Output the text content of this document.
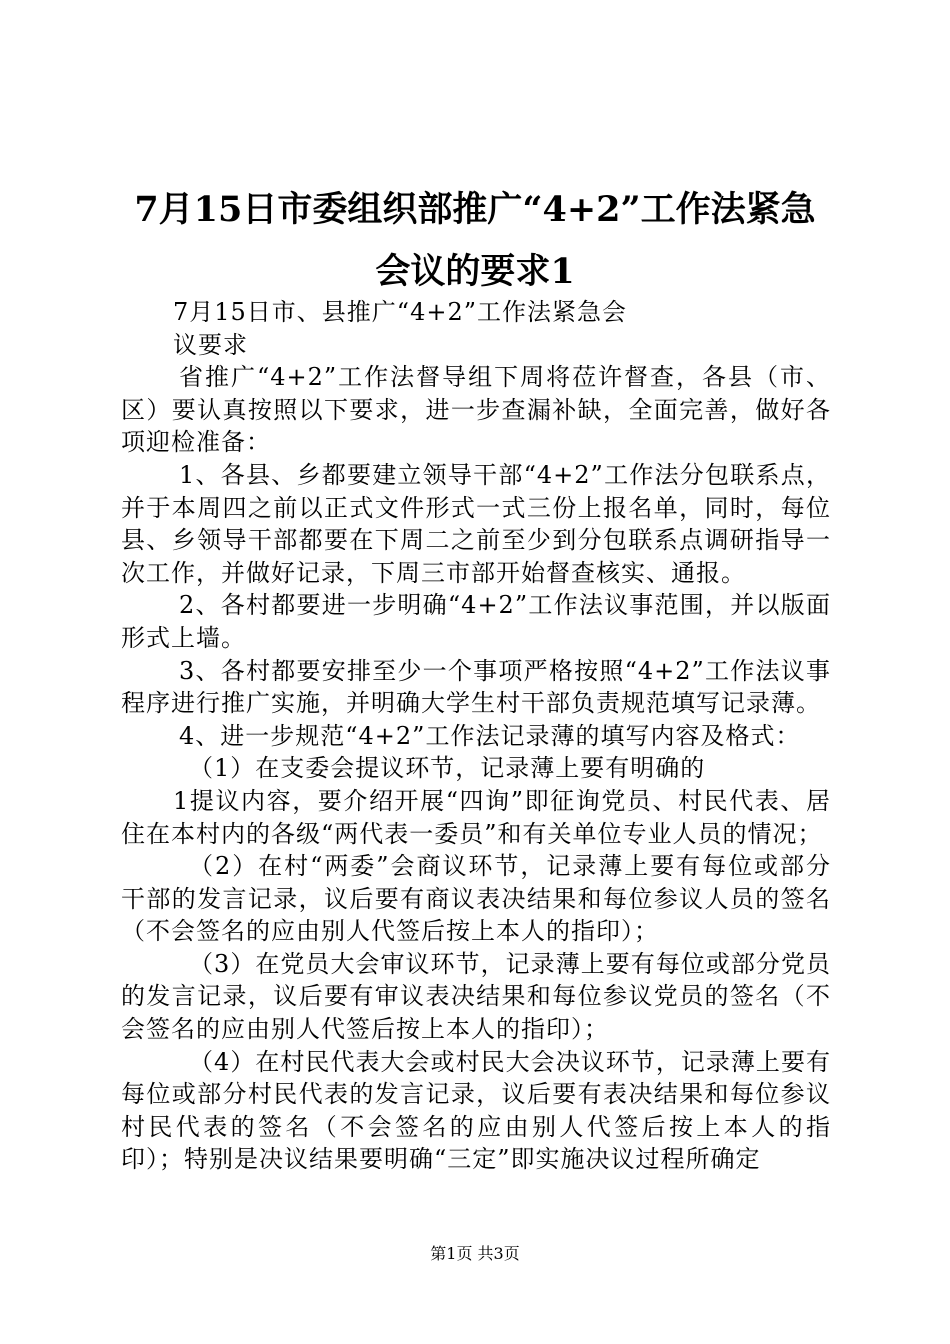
7月15日市委组织部推广“4+2”工作法紧急
会议的要求1

7月15日市、县推广“4+2”工作法紧急会

议要求

省推广“4+2”工作法督导组下周将莅许督查，各县（市、区）要认真按照以下要求，进一步查漏补缺，全面完善，做好各项迎检准备：

1、各县、乡都要建立领导干部“4+2”工作法分包联系点，并于本周四之前以正式文件形式一式三份上报名单，同时，每位县、乡领导干部都要在下周二之前至少到分包联系点调研指导一次工作，并做好记录，下周三市部开始督查核实、通报。

2、各村都要进一步明确“4+2”工作法议事范围，并以版面形式上墙。

3、各村都要安排至少一个事项严格按照“4+2”工作法议事程序进行推广实施，并明确大学生村干部负责规范填写记录薄。

4、进一步规范“4+2”工作法记录薄的填写内容及格式：

（1）在支委会提议环节，记录薄上要有明确的

1提议内容，要介绍开展“四询”即征询党员、村民代表、居住在本村内的各级“两代表一委员”和有关单位专业人员的情况；

（2）在村“两委”会商议环节，记录薄上要有每位或部分干部的发言记录，议后要有商议表决结果和每位参议人员的签名（不会签名的应由别人代签后按上本人的指印）；

（3）在党员大会审议环节，记录薄上要有每位或部分党员的发言记录，议后要有审议表决结果和每位参议党员的签名（不会签名的应由别人代签后按上本人的指印）；

（4）在村民代表大会或村民大会决议环节，记录薄上要有每位或部分村民代表的发言记录，议后要有表决结果和每位参议村民代表的签名（不会签名的应由别人代签后按上本人的指印）；特别是决议结果要明确“三定”即实施决议过程所确定

第1页 共3页
